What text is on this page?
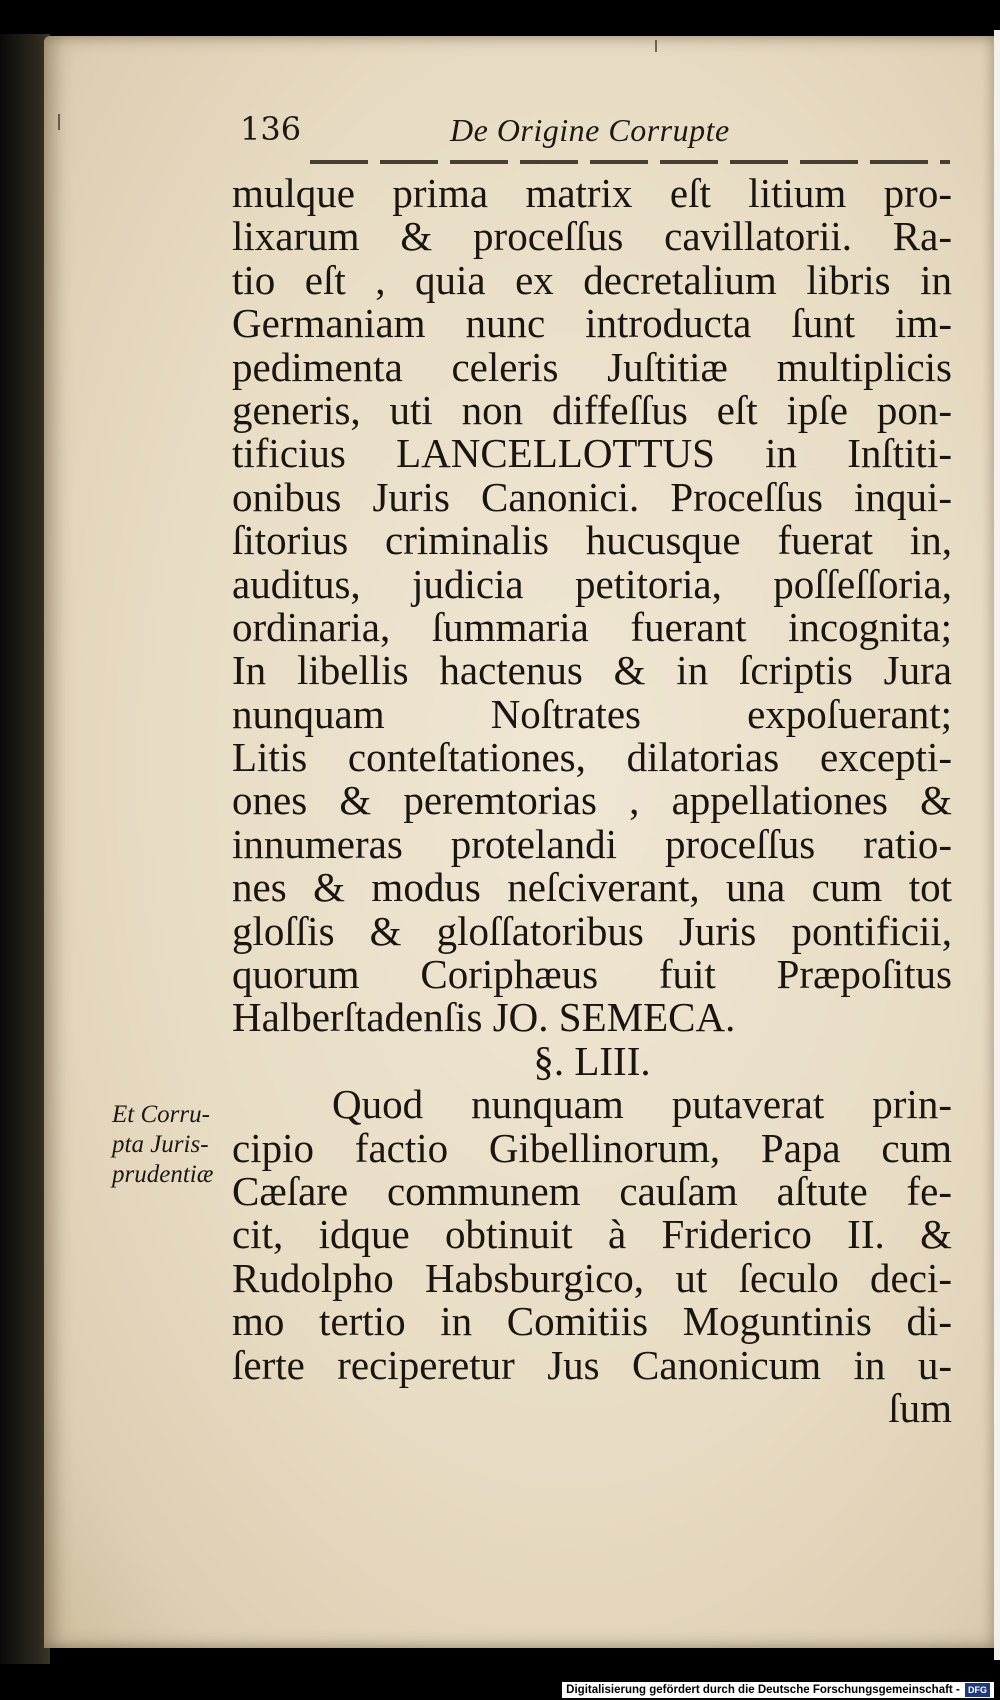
136	De Origine Corrupte
mulque prima matrix eſt litium pro-
lixarum & proceſſus cavillatorii. Ra-
tio eſt , quia ex decretalium libris in
Germaniam nunc introducta ſunt im-
pedimenta celeris Juſtitiæ multiplicis
generis, uti non diffeſſus eſt ipſe pon-
tificius LANCELLOTTUS in Inſtiti-
onibus Juris Canonici. Proceſſus inqui-
ſitorius criminalis hucusque fuerat in,
auditus, judicia petitoria, poſſeſſoria,
ordinaria, ſummaria fuerant incognita;
In libellis hactenus & in ſcriptis Jura
nunquam Noſtrates expoſuerant;
Litis conteſtationes, dilatorias excepti-
ones & peremtorias , appellationes &
innumeras protelandi proceſſus ratio-
nes & modus neſciverant, una cum tot
gloſſis & gloſſatoribus Juris pontificii,
quorum Coriphæus fuit Præpoſitus
Halberſtadenſis JO. SEMECA.
§. LIII.
Quod nunquam putaverat prin-
cipio factio Gibellinorum, Papa cum
Cæſare communem cauſam aſtute fe-
cit, idque obtinuit à Friderico II. &
Rudolpho Habsburgico, ut ſeculo deci-
mo tertio in Comitiis Moguntinis di-
ſerte reciperetur Jus Canonicum in u-
ſum
Et Corru-
pta Juris-
prudentiæ
Digitalisierung gefördert durch die Deutsche Forschungsgemeinschaft - DFG
